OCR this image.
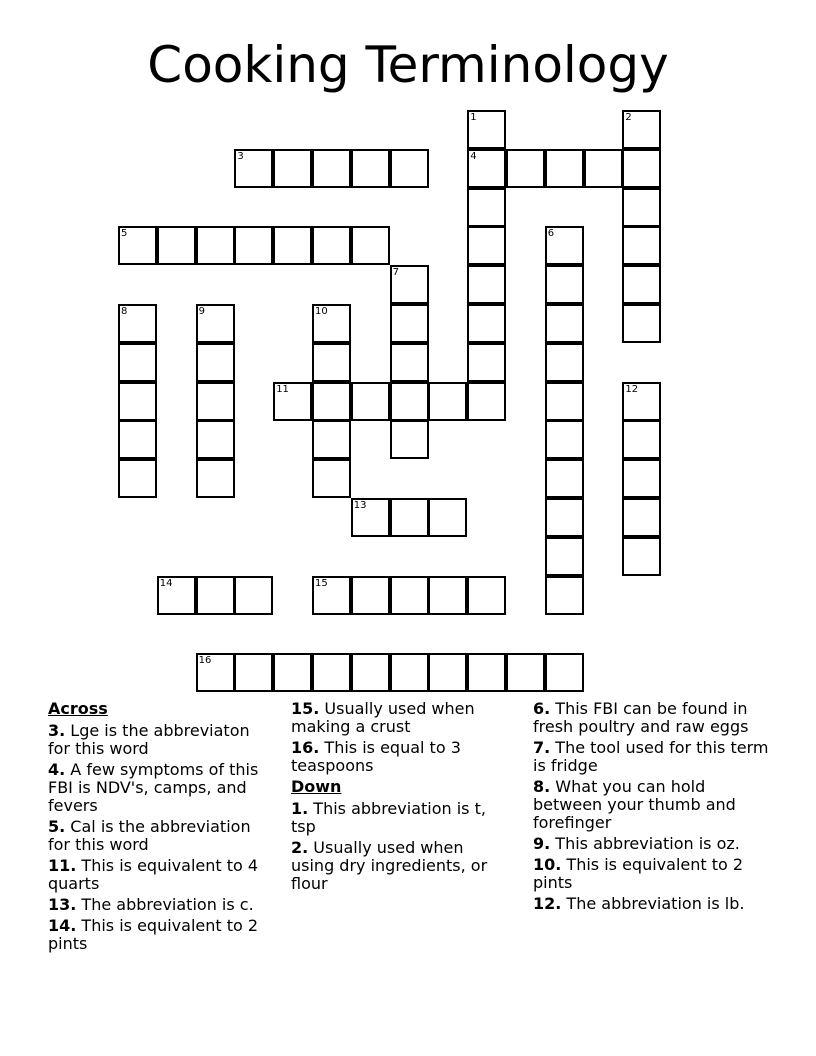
Cooking Terminology
1
4
2
3
5	6
7
8	9	10
11	12
13
14	15
16
Across
3. Lge is the abbreviaton for this word
4. A few symptoms of this FBI is NDV's, camps, and fevers
5. Cal is the abbreviation for this word
11. This is equivalent to 4 quarts
13. The abbreviation is c.
14. This is equivalent to 2 pints
15. Usually used when making a crust
16. This is equal to 3 teaspoons
Down
1. This abbreviation is t, tsp
2. Usually used when using dry ingredients, or flour
6. This FBI can be found in fresh poultry and raw eggs
7. The tool used for this term is fridge
8. What you can hold between your thumb and forefinger
9. This abbreviation is oz.
10. This is equivalent to 2 pints
12. The abbreviation is lb.
